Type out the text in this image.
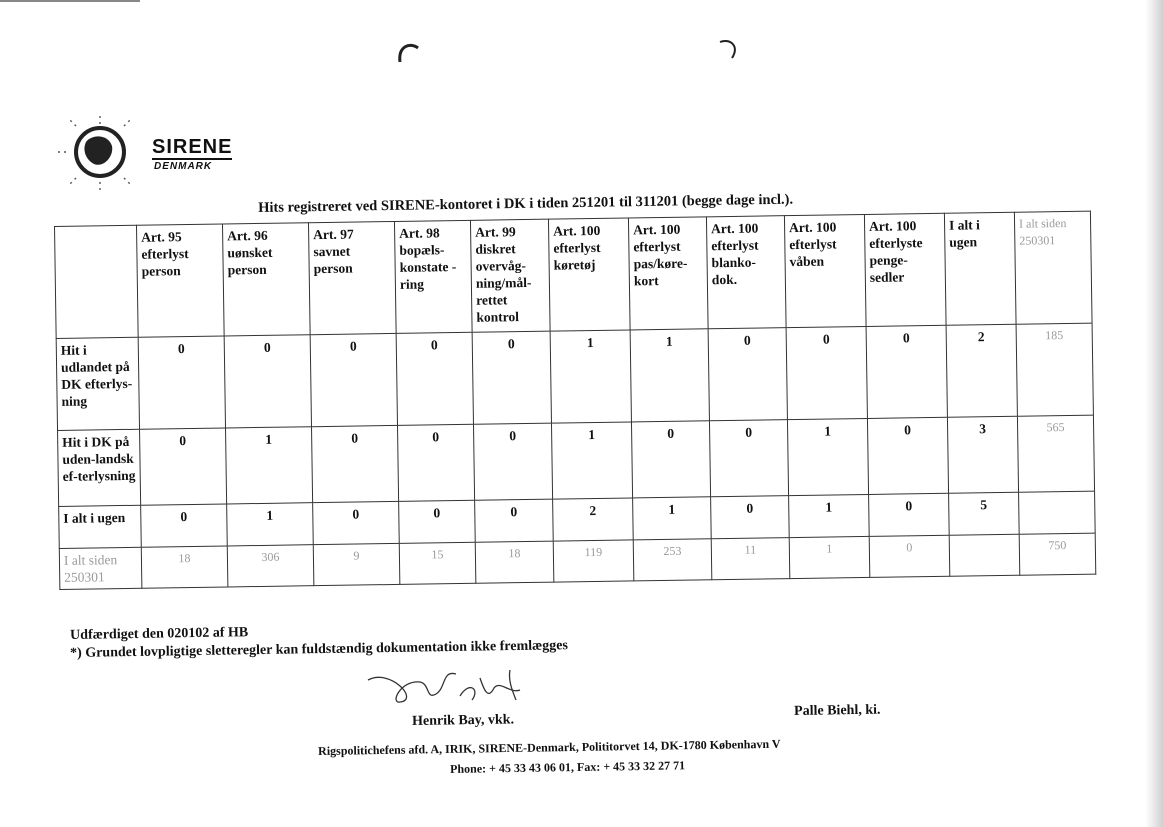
SIRENE
DENMARK
Hits registreret ved SIRENE-kontoret i DK i tiden 251201 til 311201 (begge dage incl.).
	Art. 95 efterlyst person	Art. 96 uønsket person	Art. 97 savnet person	Art. 98 bopæls-konstate -ring	Art. 99 diskret overvåg-ning/mål-rettet kontrol	Art. 100 efterlyst køretøj	Art. 100 efterlyst pas/køre-kort	Art. 100 efterlyst blanko-dok.	Art. 100 efterlyst våben	Art. 100 efterlyste penge-sedler	I alt i ugen	I alt siden 250301
Hit i udlandet på DK efterlys-ning	0	0	0	0	0	1	1	0	0	0	2	185
Hit i DK på uden-landsk ef-terlysning	0	1	0	0	0	1	0	0	1	0	3	565
I alt i ugen	0	1	0	0	0	2	1	0	1	0	5	
I alt siden 250301	18	306	9	15	18	119	253	11	1	0		750
Udfærdiget den 020102 af HB
*) Grundet lovpligtige sletteregler kan fuldstændig dokumentation ikke fremlægges
Henrik Bay, vkk.
Palle Biehl, ki.
Rigspolitichefens afd. A, IRIK, SIRENE-Denmark, Polititorvet 14, DK-1780 København V
Phone: + 45 33 43 06 01, Fax: + 45 33 32 27 71
